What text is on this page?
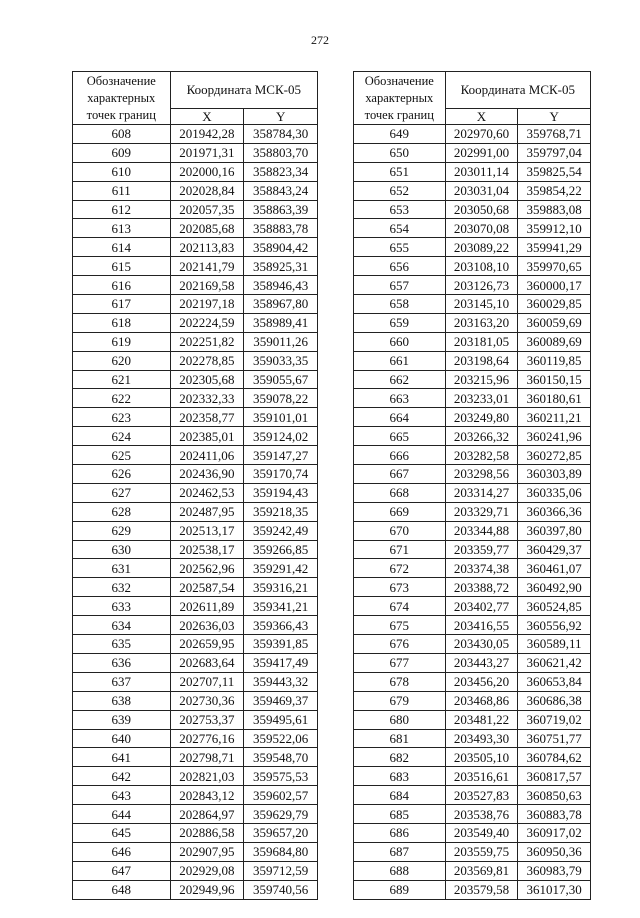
272
Обозначение характерных точек границ	Координата МСК-05	
	X	Y
608	201942,28	358784,30
609	201971,31	358803,70
610	202000,16	358823,34
611	202028,84	358843,24
612	202057,35	358863,39
613	202085,68	358883,78
614	202113,83	358904,42
615	202141,79	358925,31
616	202169,58	358946,43
617	202197,18	358967,80
618	202224,59	358989,41
619	202251,82	359011,26
620	202278,85	359033,35
621	202305,68	359055,67
622	202332,33	359078,22
623	202358,77	359101,01
624	202385,01	359124,02
625	202411,06	359147,27
626	202436,90	359170,74
627	202462,53	359194,43
628	202487,95	359218,35
629	202513,17	359242,49
630	202538,17	359266,85
631	202562,96	359291,42
632	202587,54	359316,21
633	202611,89	359341,21
634	202636,03	359366,43
635	202659,95	359391,85
636	202683,64	359417,49
637	202707,11	359443,32
638	202730,36	359469,37
639	202753,37	359495,61
640	202776,16	359522,06
641	202798,71	359548,70
642	202821,03	359575,53
643	202843,12	359602,57
644	202864,97	359629,79
645	202886,58	359657,20
646	202907,95	359684,80
647	202929,08	359712,59
648	202949,96	359740,56
Обозначение характерных точек границ	Координата МСК-05	
	X	Y
649	202970,60	359768,71
650	202991,00	359797,04
651	203011,14	359825,54
652	203031,04	359854,22
653	203050,68	359883,08
654	203070,08	359912,10
655	203089,22	359941,29
656	203108,10	359970,65
657	203126,73	360000,17
658	203145,10	360029,85
659	203163,20	360059,69
660	203181,05	360089,69
661	203198,64	360119,85
662	203215,96	360150,15
663	203233,01	360180,61
664	203249,80	360211,21
665	203266,32	360241,96
666	203282,58	360272,85
667	203298,56	360303,89
668	203314,27	360335,06
669	203329,71	360366,36
670	203344,88	360397,80
671	203359,77	360429,37
672	203374,38	360461,07
673	203388,72	360492,90
674	203402,77	360524,85
675	203416,55	360556,92
676	203430,05	360589,11
677	203443,27	360621,42
678	203456,20	360653,84
679	203468,86	360686,38
680	203481,22	360719,02
681	203493,30	360751,77
682	203505,10	360784,62
683	203516,61	360817,57
684	203527,83	360850,63
685	203538,76	360883,78
686	203549,40	360917,02
687	203559,75	360950,36
688	203569,81	360983,79
689	203579,58	361017,30
